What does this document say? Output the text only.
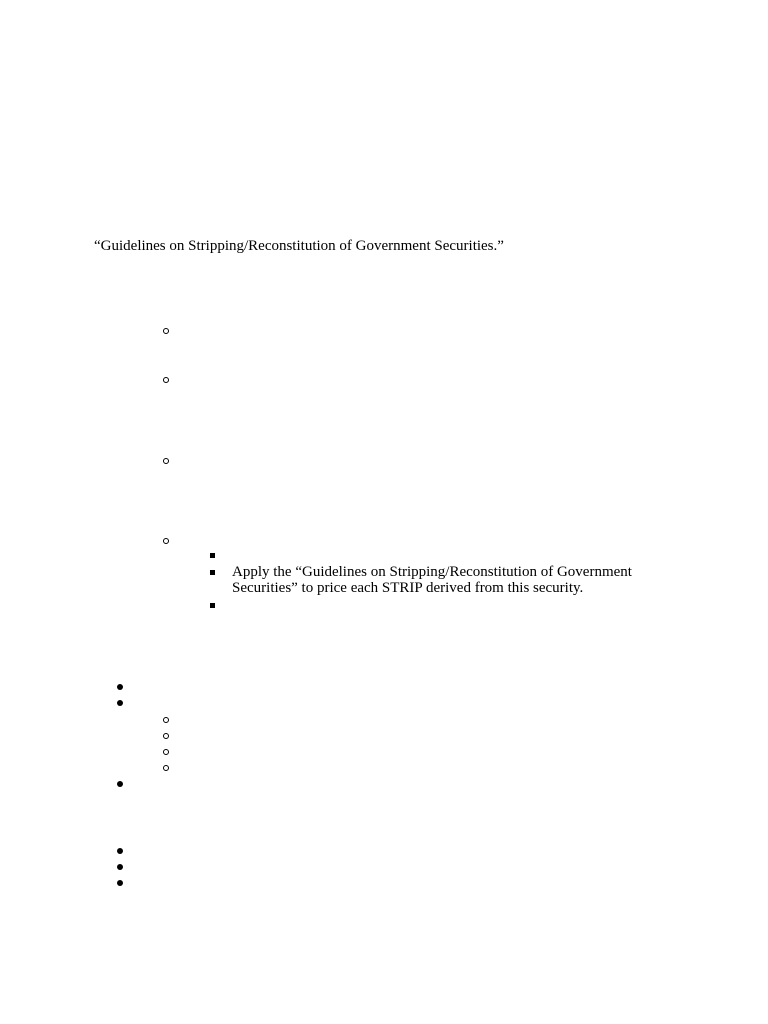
“Guidelines on Stripping/Reconstitution of Government Securities.”
Apply the “Guidelines on Stripping/Reconstitution of Government Securities” to price each STRIP derived from this security.
